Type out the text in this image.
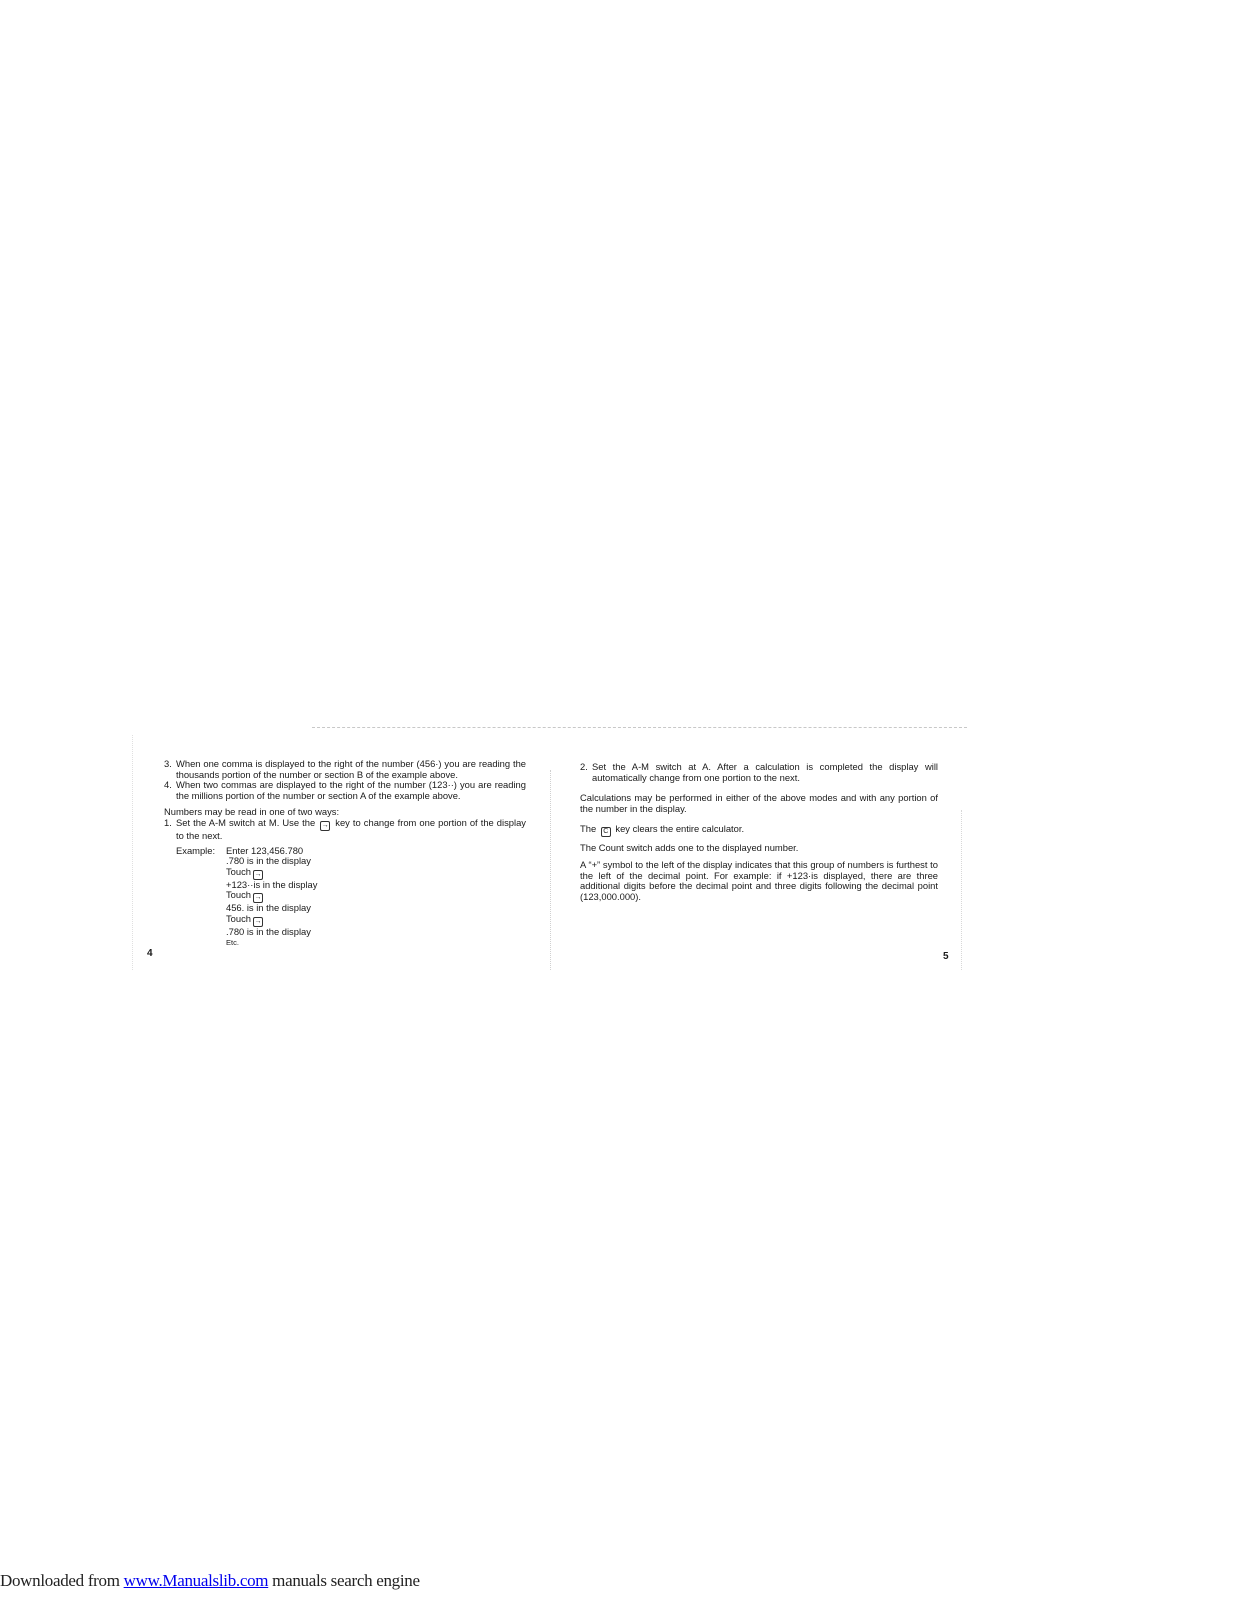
3. When one comma is displayed to the right of the number (456·) you are reading the thousands portion of the number or section B of the example above.

4. When two commas are displayed to the right of the number (123··) you are reading the millions portion of the number or section A of the example above.

Numbers may be read in one of two ways:

1. Set the A-M switch at M. Use the → key to change from one portion of the display to the next.

Example: Enter 123,456.780
.780 is in the display
Touch →
+123··is in the display
Touch →
456. is in the display
Touch →
.780 is in the display
Etc.
4

2. Set the A-M switch at A. After a calculation is completed the display will automatically change from one portion to the next.

Calculations may be performed in either of the above modes and with any portion of the number in the display.

The C key clears the entire calculator.

The Count switch adds one to the displayed number.

A “+” symbol to the left of the display indicates that this group of numbers is furthest to the left of the decimal point. For example: if +123·is displayed, there are three additional digits before the decimal point and three digits following the decimal point (123,000.000).

5
Downloaded from www.Manualslib.com manuals search engine
